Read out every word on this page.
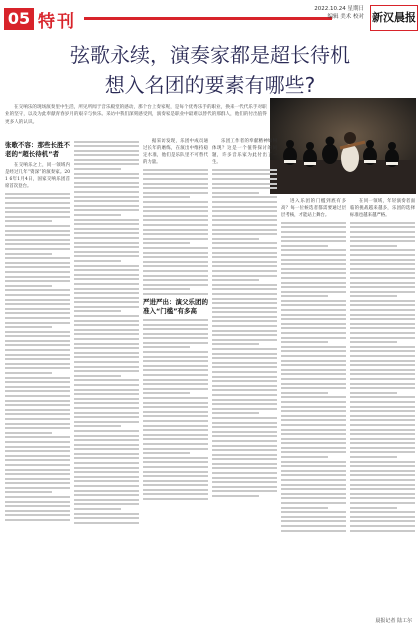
05 特刊
2022.10.24 星期日
编辑 美术 校对 新汉晨报
弦歌永续，演奏家都是超长待机
想入名团的要素有哪些?
在交响乐的现场演奏里中生活，所见所闻于音乐殿堂的感动，那个台上奏家呢，是每个优秀乐手的职业，换来一代代乐手对职业的坚守，以及为此奉献青春岁月的艰辛与快乐。采访中我们深刻感受到，演奏家是职业中最难以替代的那群人，他们的付出值得更多人的认识。
张歌不容：那些长胜不老的“超长待机”者

在交响乐之上，同一领域内是经过几年“资深”的演奏家。20 1 6年1月4日，国家交响乐团首席首次登台。

据采访发现，乐团中成员通过长年的磨练，在演出中维持稳定水准，他们是乐队里不可替代的力量。

严进严出：演父乐团的准入“门槛”有多高

乐团工作者的奉献精神如何体现？这是一个值得探讨的问题，许多音乐家为此付出了一生。

进入乐团的门槛到底有多高？每一位候选者都需要通过层层考核，才能站上舞台。

在同一领域，年轻演奏者面临的挑战越来越多，乐团的选择标准也越来越严格。

晨报记者 陆工尔
